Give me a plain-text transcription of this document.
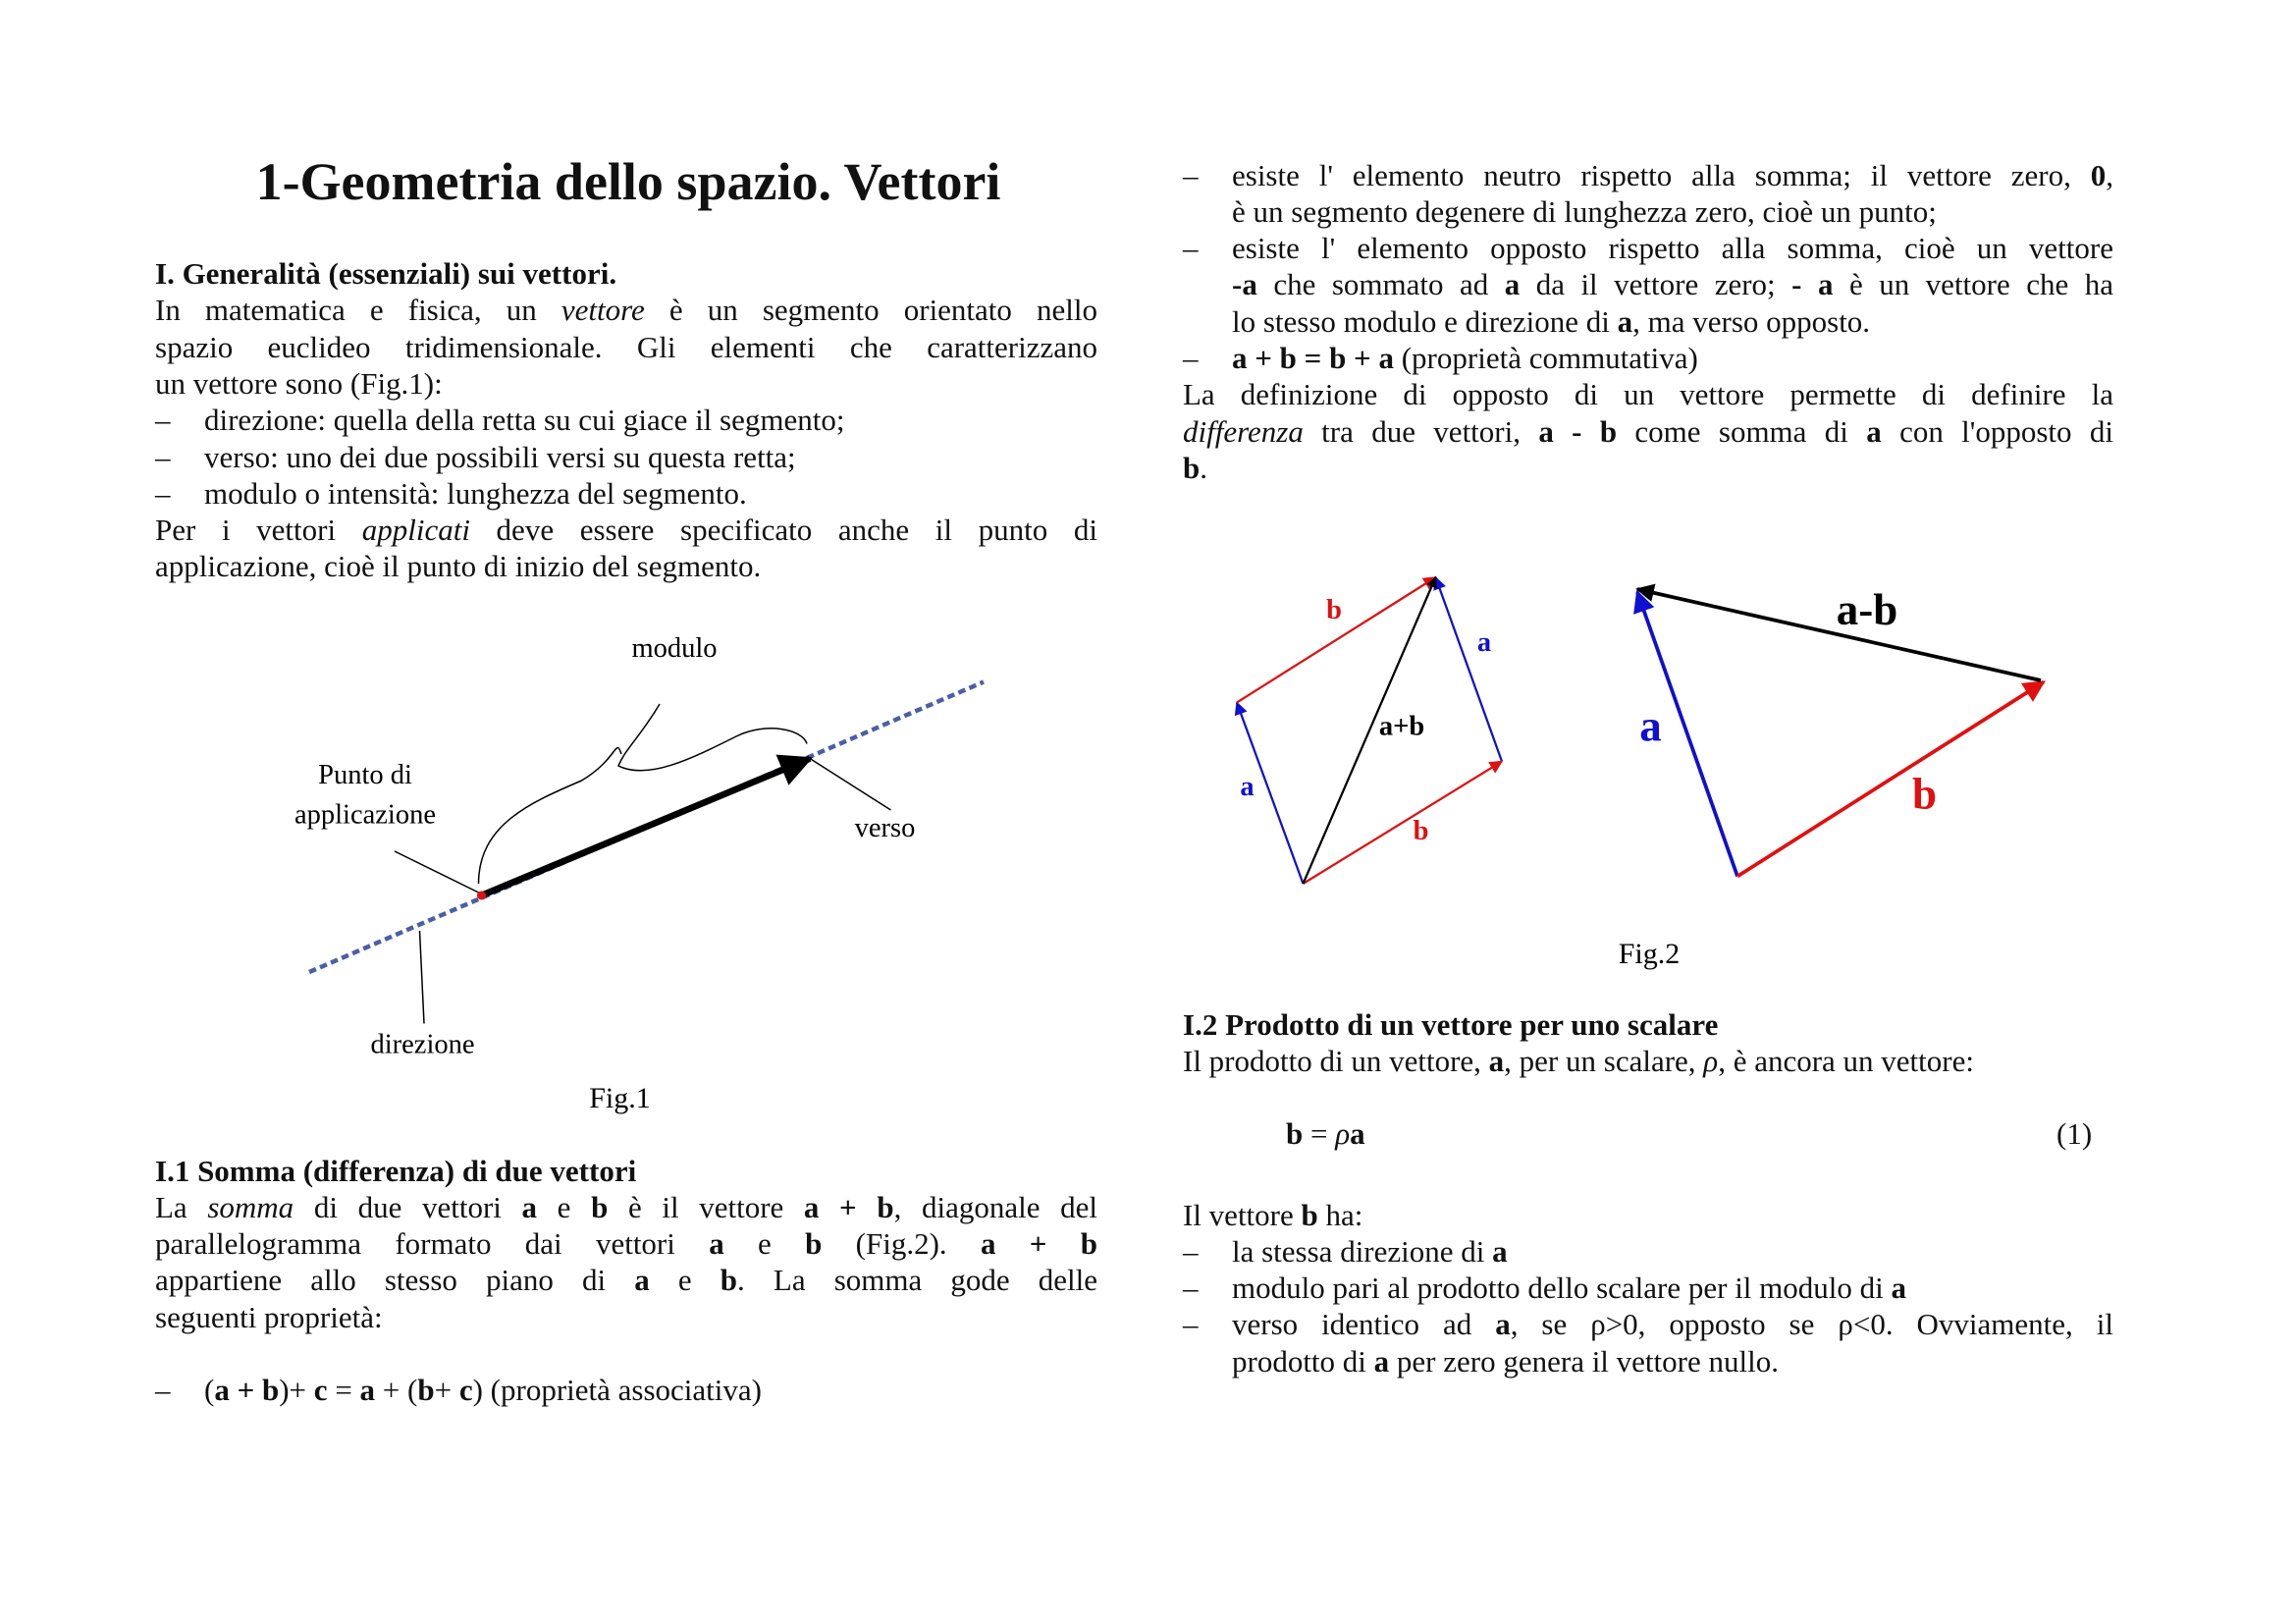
1-Geometria dello spazio. Vettori
I. Generalità (essenziali) sui vettori.
In matematica e fisica, un vettore è un segmento orientato nello
spazio euclideo tridimensionale. Gli elementi che caratterizzano
un vettore sono (Fig.1):
– direzione: quella della retta su cui giace il segmento;
– verso: uno dei due possibili versi su questa retta;
– modulo o intensità: lunghezza del segmento.
Per i vettori applicati deve essere specificato anche il punto di
applicazione, cioè il punto di inizio del segmento.
I.1 Somma (differenza) di due vettori
La somma di due vettori a e b è il vettore a + b, diagonale del
parallelogramma formato dai vettori a e b (Fig.2). a + b
appartiene allo stesso piano di a e b. La somma gode delle
seguenti proprietà:
– (a + b)+ c = a + (b+ c) (proprietà associativa)
– esiste l' elemento neutro rispetto alla somma; il vettore zero, 0,
è un segmento degenere di lunghezza zero, cioè un punto;
– esiste l' elemento opposto rispetto alla somma, cioè un vettore
-a che sommato ad a da il vettore zero; - a è un vettore che ha
lo stesso modulo e direzione di a, ma verso opposto.
– a + b = b + a (proprietà commutativa)
La definizione di opposto di un vettore permette di definire la
differenza tra due vettori, a - b come somma di a con l'opposto di
b.
I.2 Prodotto di un vettore per uno scalare
Il prodotto di un vettore, a, per un scalare, ρ, è ancora un vettore:
Il vettore b ha:
– la stessa direzione di a
– modulo pari al prodotto dello scalare per il modulo di a
– verso identico ad a, se ρ>0, opposto se ρ<0. Ovviamente, il
prodotto di a per zero genera il vettore nullo.
b = ρa	(1)
modulo
Punto di
applicazione	verso
direzione
Fig.1
b
a
a+b
a
b
a-b
a
b
Fig.2
